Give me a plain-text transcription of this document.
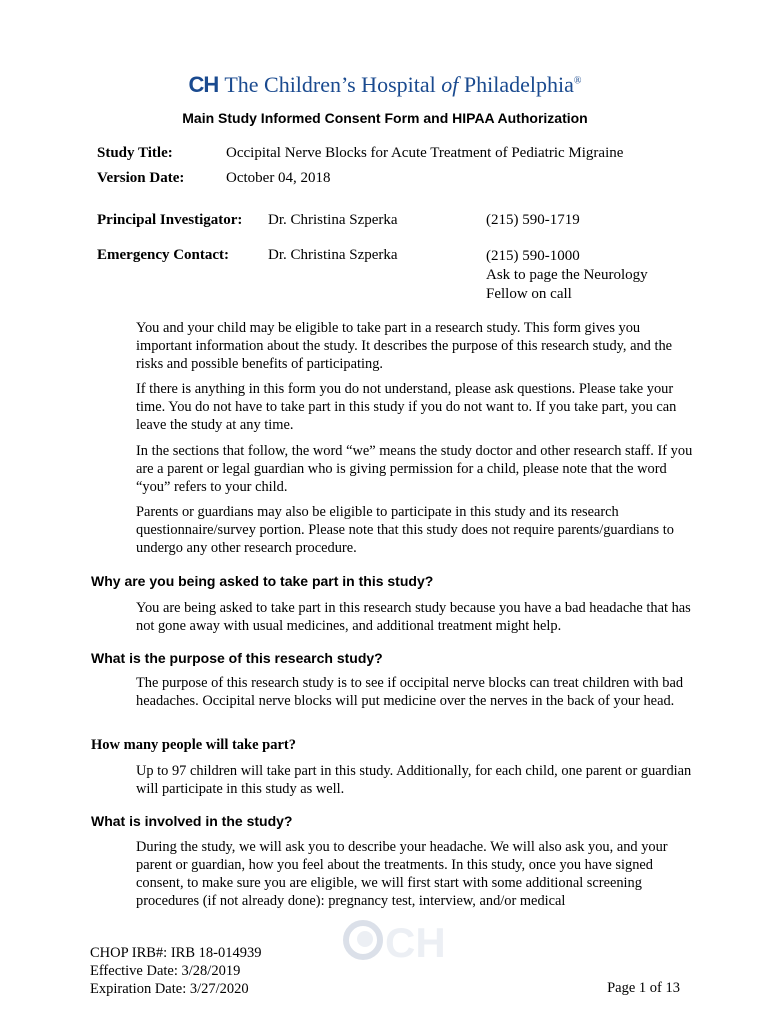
CH The Children’s Hospital of Philadelphia®
Main Study Informed Consent Form and HIPAA Authorization
Study Title:	Occipital Nerve Blocks for Acute Treatment of Pediatric Migraine
Version Date:	October 04, 2018
Principal Investigator: Dr. Christina Szperka	(215) 590-1719
Emergency Contact:	Dr. Christina Szperka	(215) 590-1000
Ask to page the Neurology
Fellow on call
You and your child may be eligible to take part in a research study. This form gives you important information about the study. It describes the purpose of this research study, and the risks and possible benefits of participating.
If there is anything in this form you do not understand, please ask questions. Please take your time. You do not have to take part in this study if you do not want to. If you take part, you can leave the study at any time.
In the sections that follow, the word “we” means the study doctor and other research staff. If you are a parent or legal guardian who is giving permission for a child, please note that the word “you” refers to your child.
Parents or guardians may also be eligible to participate in this study and its research questionnaire/survey portion. Please note that this study does not require parents/guardians to undergo any other research procedure.
Why are you being asked to take part in this study?
You are being asked to take part in this research study because you have a bad headache that has not gone away with usual medicines, and additional treatment might help.
What is the purpose of this research study?
The purpose of this research study is to see if occipital nerve blocks can treat children with bad headaches. Occipital nerve blocks will put medicine over the nerves in the back of your head.
How many people will take part?
Up to 97 children will take part in this study. Additionally, for each child, one parent or guardian will participate in this study as well.
What is involved in the study?
During the study, we will ask you to describe your headache. We will also ask you, and your parent or guardian, how you feel about the treatments. In this study, once you have signed consent, to make sure you are eligible, we will first start with some additional screening procedures (if not already done): pregnancy test, interview, and/or medical
CH
CHOP IRB#: IRB 18-014939
Effective Date: 3/28/2019
Expiration Date: 3/27/2020	Page 1 of 13
